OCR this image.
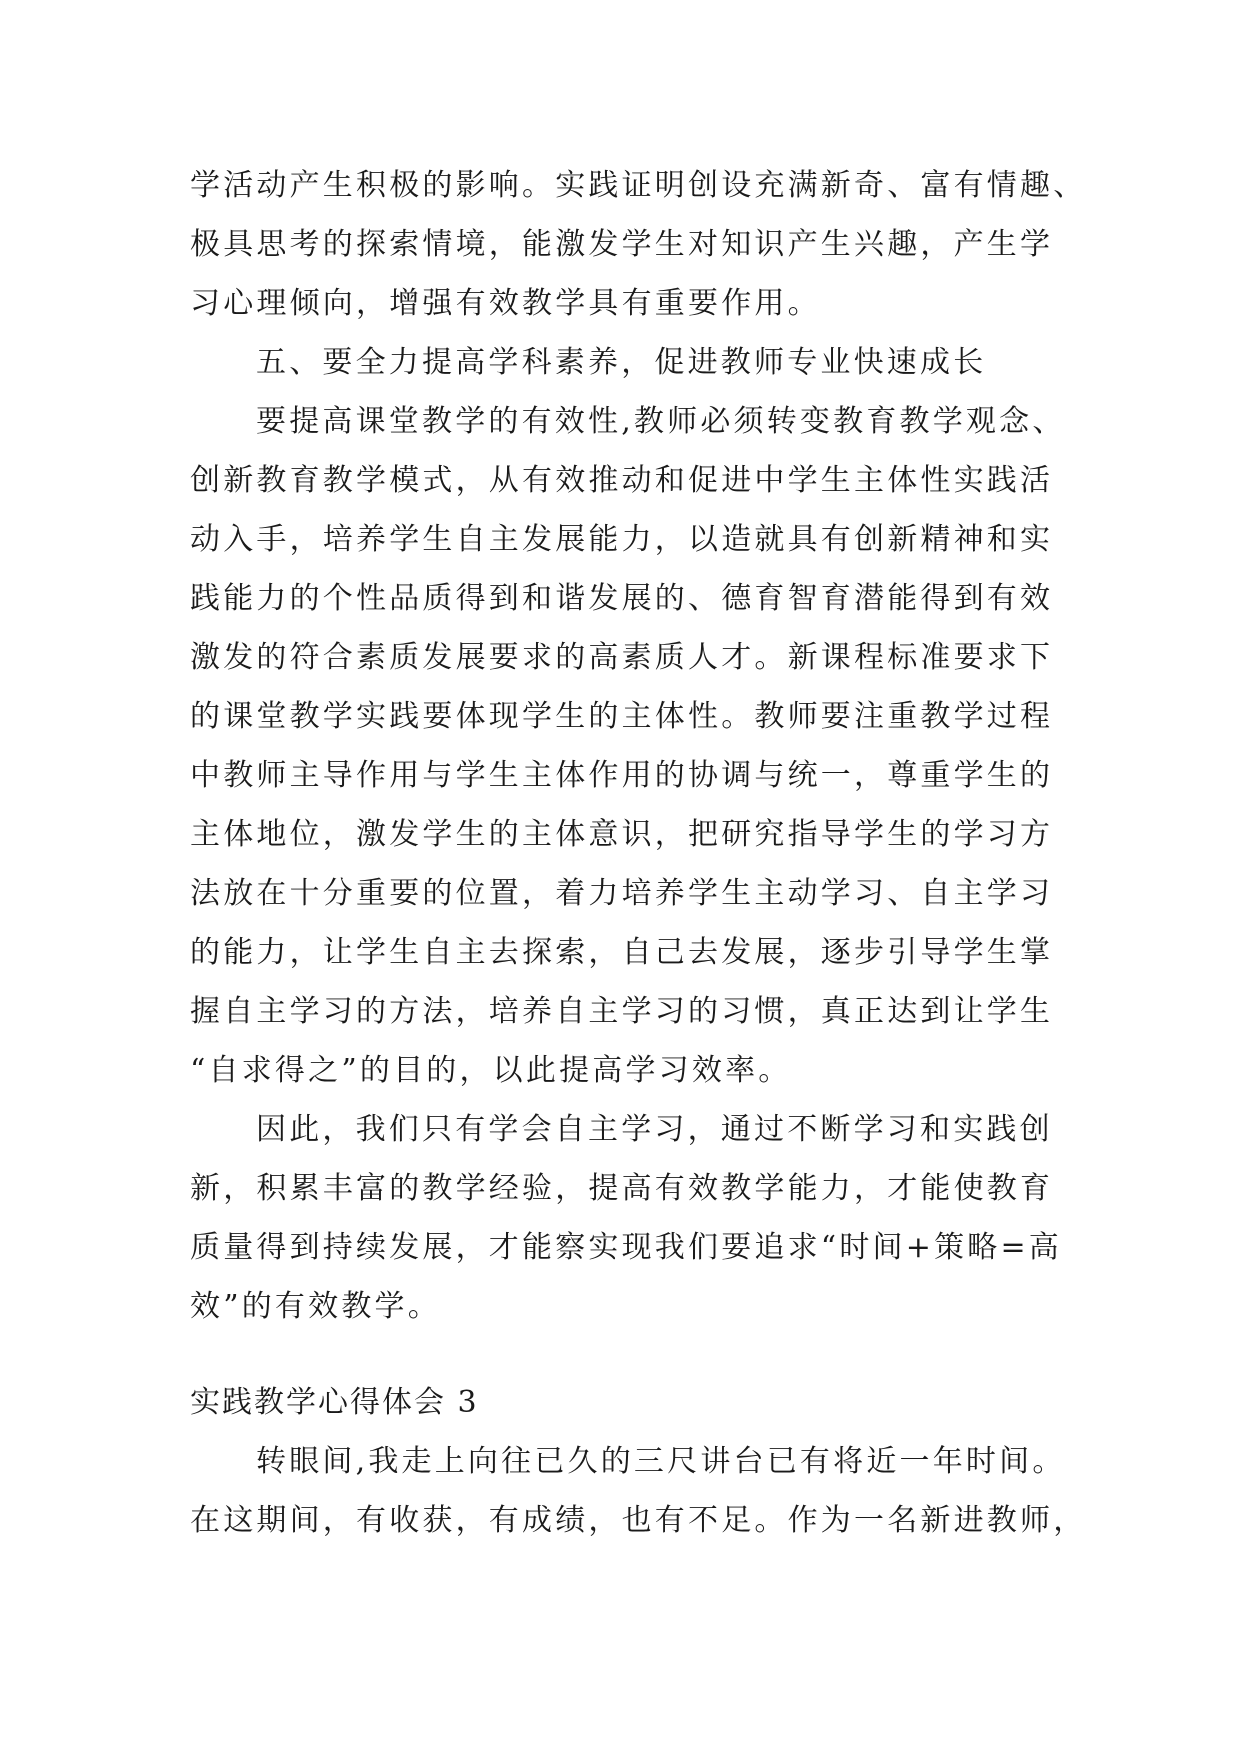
学活动产生积极的影响。实践证明创设充满新奇、富有情趣、
极具思考的探索情境，能激发学生对知识产生兴趣，产生学
习心理倾向，增强有效教学具有重要作用。
五、要全力提高学科素养，促进教师专业快速成长
要提高课堂教学的有效性,教师必须转变教育教学观念、
创新教育教学模式，从有效推动和促进中学生主体性实践活
动入手，培养学生自主发展能力，以造就具有创新精神和实
践能力的个性品质得到和谐发展的、德育智育潜能得到有效
激发的符合素质发展要求的高素质人才。新课程标准要求下
的课堂教学实践要体现学生的主体性。教师要注重教学过程
中教师主导作用与学生主体作用的协调与统一，尊重学生的
主体地位，激发学生的主体意识，把研究指导学生的学习方
法放在十分重要的位置，着力培养学生主动学习、自主学习
的能力，让学生自主去探索，自己去发展，逐步引导学生掌
握自主学习的方法，培养自主学习的习惯，真正达到让学生
“自求得之”的目的，以此提高学习效率。
因此，我们只有学会自主学习，通过不断学习和实践创
新，积累丰富的教学经验，提高有效教学能力，才能使教育
质量得到持续发展，才能察实现我们要追求“时间+策略=高
效”的有效教学。
实践教学心得体会 3
转眼间,我走上向往已久的三尺讲台已有将近一年时间。
在这期间，有收获，有成绩，也有不足。作为一名新进教师，
